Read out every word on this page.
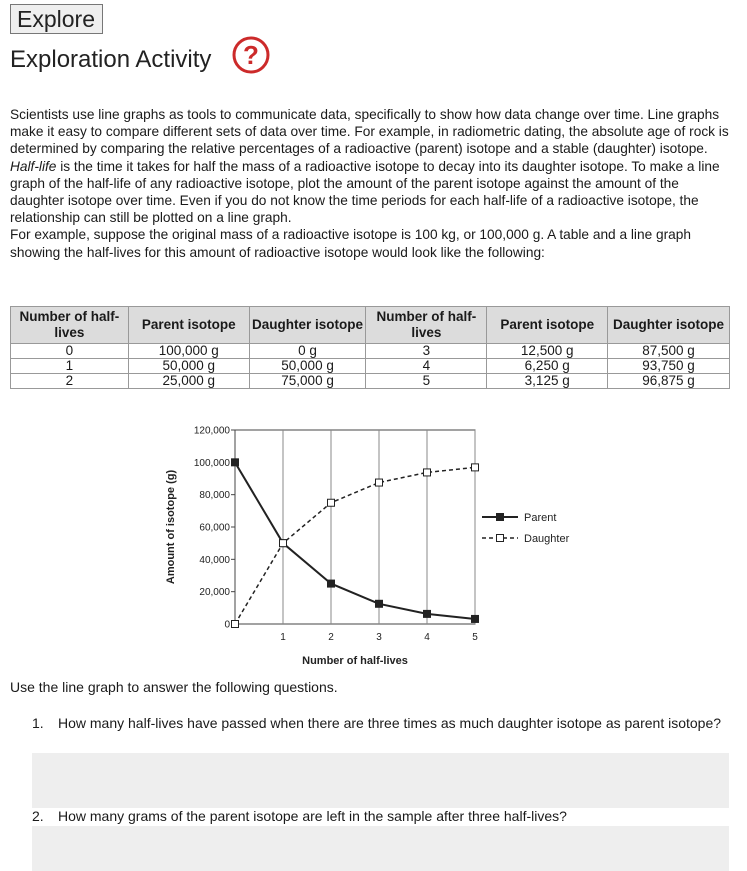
Explore
Exploration Activity ?

Scientists use line graphs as tools to communicate data, specifically to show how data change over time. Line graphs make it easy to compare different sets of data over time. For example, in radiometric dating, the absolute age of rock is determined by comparing the relative percentages of a radioactive (parent) isotope and a stable (daughter) isotope.

Half-life is the time it takes for half the mass of a radioactive isotope to decay into its daughter isotope. To make a line graph of the half-life of any radioactive isotope, plot the amount of the parent isotope against the amount of the daughter isotope over time. Even if you do not know the time periods for each half-life of a radioactive isotope, the relationship can still be plotted on a line graph.

For example, suppose the original mass of a radioactive isotope is 100 kg, or 100,000 g. A table and a line graph showing the half-lives for this amount of radioactive isotope would look like the following:

Number of half-lives	Parent isotope	Daughter isotope	Number of half-lives	Parent isotope	Daughter isotope
0	100,000 g	0 g	3	12,500 g	87,500 g
1	50,000 g	50,000 g	4	6,250 g	93,750 g
2	25,000 g	75,000 g	5	3,125 g	96,875 g
0
20,000
40,000
60,000
80,000
100,000
120,000
1	2	3	4	5
Number of half-lives
Amount of isotope (g)	Parent
Daughter
Use the line graph to answer the following questions.
1. How many half-lives have passed when there are three times as much daughter isotope as parent isotope?
2. How many grams of the parent isotope are left in the sample after three half-lives?
